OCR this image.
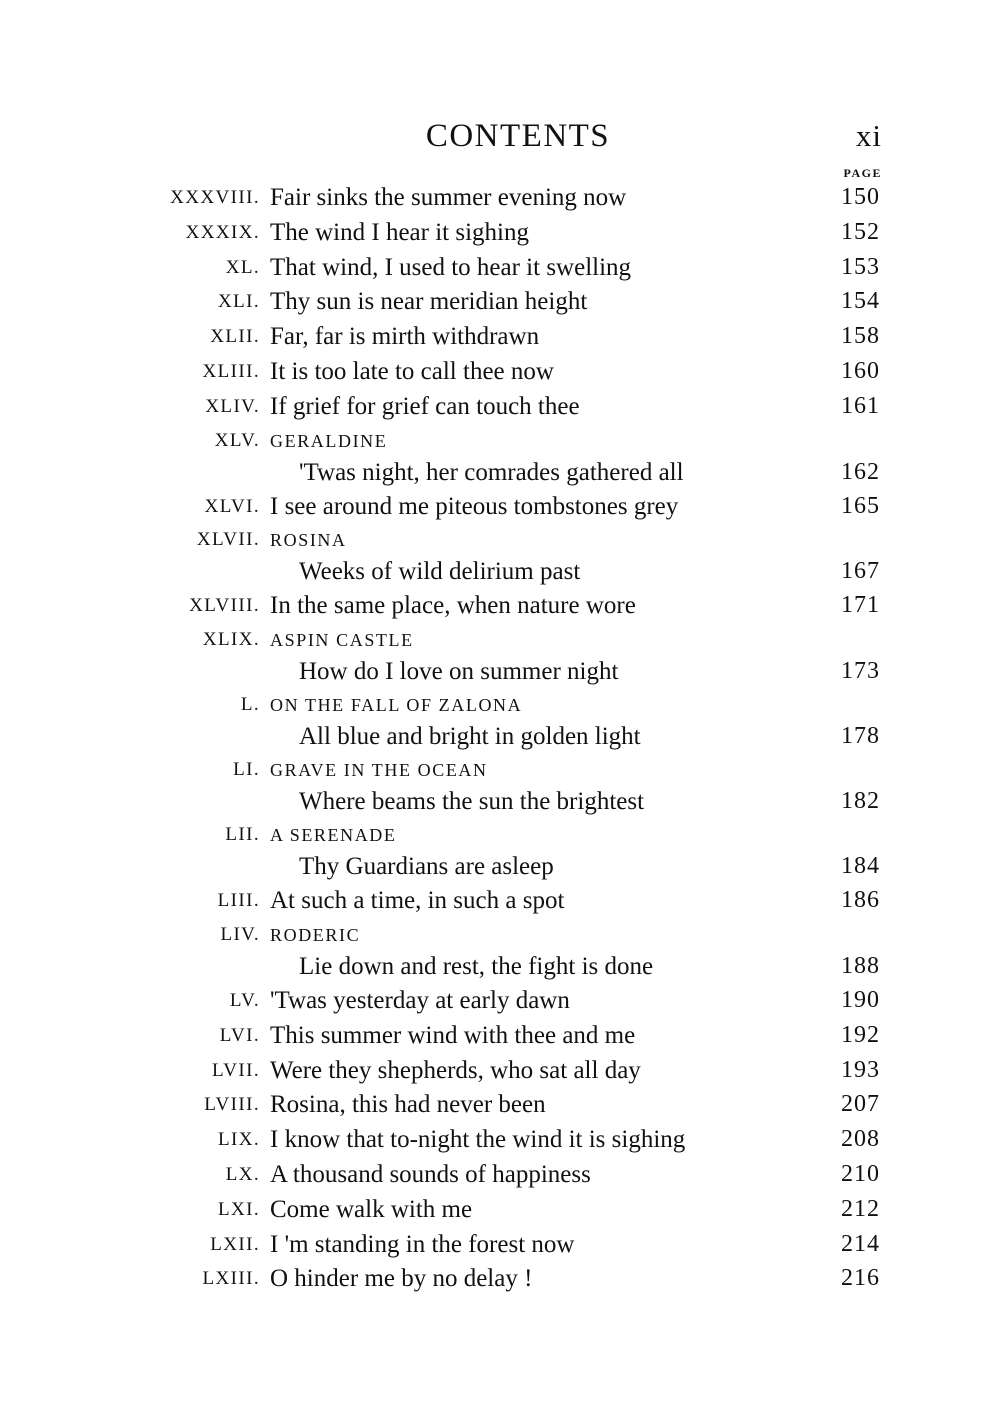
CONTENTS	xi
PAGE
XXXVIII. Fair sinks the summer evening now	150
XXXIX. The wind I hear it sighing	152
XL. That wind, I used to hear it swelling	153
XLI. Thy sun is near meridian height	154
XLII. Far, far is mirth withdrawn	158
XLIII. It is too late to call thee now	160
XLIV. If grief for grief can touch thee	161
XLV. GERALDINE
'Twas night, her comrades gathered all	162
XLVI. I see around me piteous tombstones grey	165
XLVII. ROSINA
Weeks of wild delirium past	167
XLVIII. In the same place, when nature wore	171
XLIX. ASPIN CASTLE
How do I love on summer night	173
L. ON THE FALL OF ZALONA
All blue and bright in golden light	178
LI. GRAVE IN THE OCEAN
Where beams the sun the brightest	182
LII. A SERENADE
Thy Guardians are asleep	184
LIII. At such a time, in such a spot	186
LIV. RODERIC
Lie down and rest, the fight is done	188
LV. 'Twas yesterday at early dawn	190
LVI. This summer wind with thee and me	192
LVII. Were they shepherds, who sat all day	193
LVIII. Rosina, this had never been	207
LIX. I know that to-night the wind it is sighing	208
LX. A thousand sounds of happiness	210
LXI. Come walk with me	212
LXII. I 'm standing in the forest now	214
LXIII. O hinder me by no delay !	216
